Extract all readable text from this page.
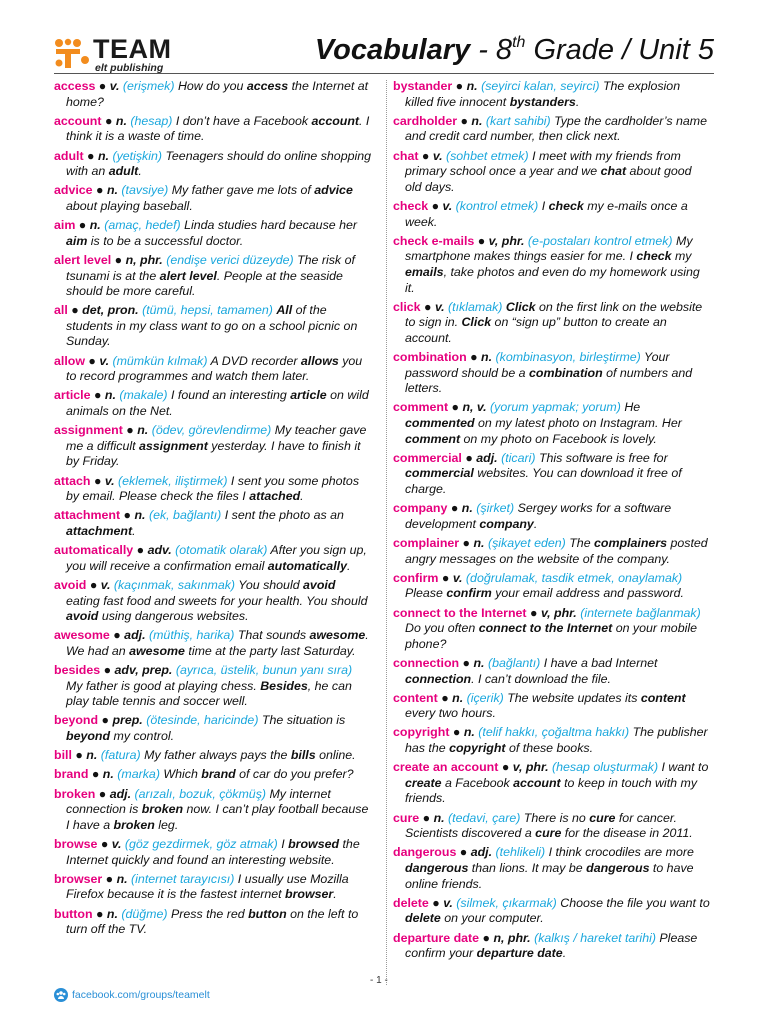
TEAM
elt publishing
Vocabulary - 8th Grade / Unit 5
access ● v. (erişmek) How do you access the Internet at home?
account ● n. (hesap) I don’t have a Facebook account. I think it is a waste of time.
adult ● n. (yetişkin) Teenagers should do online shopping with an adult.
advice ● n. (tavsiye) My father gave me lots of advice about playing baseball.
aim ● n. (amaç, hedef) Linda studies hard because her aim is to be a successful doctor.
alert level ● n, phr. (endişe verici düzeyde) The risk of tsunami is at the alert level. People at the seaside should be more careful.
all ● det, pron. (tümü, hepsi, tamamen) All of the students in my class want to go on a school picnic on Sunday.
allow ● v. (mümkün kılmak) A DVD recorder allows you to record programmes and watch them later.
article ● n. (makale) I found an interesting article on wild animals on the Net.
assignment ● n. (ödev, görevlendirme) My teacher gave me a difficult assignment yesterday. I have to finish it by Friday.
attach ● v. (eklemek, iliştirmek) I sent you some photos by email. Please check the files I attached.
attachment ● n. (ek, bağlantı) I sent the photo as an attachment.
automatically ● adv. (otomatik olarak) After you sign up, you will receive a confirmation email automatically.
avoid ● v. (kaçınmak, sakınmak) You should avoid eating fast food and sweets for your health. You should avoid using dangerous websites.
awesome ● adj. (müthiş, harika) That sounds awesome. We had an awesome time at the party last Saturday.
besides ● adv, prep. (ayrıca, üstelik, bunun yanı sıra) My father is good at playing chess. Besides, he can play table tennis and soccer well.
beyond ● prep. (ötesinde, haricinde) The situation is beyond my control.
bill ● n. (fatura) My father always pays the bills online.
brand ● n. (marka) Which brand of car do you prefer?
broken ● adj. (arızalı, bozuk, çökmüş) My internet connection is broken now. I can’t play football because I have a broken leg.
browse ● v. (göz gezdirmek, göz atmak) I browsed the Internet quickly and found an interesting website.
browser ● n. (internet tarayıcısı) I usually use Mozilla Firefox because it is the fastest internet browser.
button ● n. (düğme) Press the red button on the left to turn off the TV.
bystander ● n. (seyirci kalan, seyirci) The explosion killed five innocent bystanders.
cardholder ● n. (kart sahibi) Type the cardholder’s name and credit card number, then click next.
chat ● v. (sohbet etmek) I meet with my friends from primary school once a year and we chat about good old days.
check ● v. (kontrol etmek) I check my e-mails once a week.
check e-mails ● v, phr. (e-postaları kontrol etmek) My smartphone makes things easier for me. I check my emails, take photos and even do my homework using it.
click ● v. (tıklamak) Click on the first link on the website to sign in. Click on “sign up” button to create an account.
combination ● n. (kombinasyon, birleştirme) Your password should be a combination of numbers and letters.
comment ● n, v. (yorum yapmak; yorum) He commented on my latest photo on Instagram. Her comment on my photo on Facebook is lovely.
commercial ● adj. (ticari) This software is free for commercial websites. You can download it free of charge.
company ● n. (şirket) Sergey works for a software development company.
complainer ● n. (şikayet eden) The complainers posted angry messages on the website of the company.
confirm ● v. (doğrulamak, tasdik etmek, onaylamak) Please confirm your email address and password.
connect to the Internet ● v, phr. (internete bağlanmak) Do you often connect to the Internet on your mobile phone?
connection ● n. (bağlantı) I have a bad Internet connection. I can’t download the file.
content ● n. (içerik) The website updates its content every two hours.
copyright ● n. (telif hakkı, çoğaltma hakkı) The publisher has the copyright of these books.
create an account ● v, phr. (hesap oluşturmak) I want to create a Facebook account to keep in touch with my friends.
cure ● n. (tedavi, çare) There is no cure for cancer. Scientists discovered a cure for the disease in 2011.
dangerous ● adj. (tehlikeli) I think crocodiles are more dangerous than lions. It may be dangerous to have online friends.
delete ● v. (silmek, çıkarmak) Choose the file you want to delete on your computer.
departure date ● n, phr. (kalkış / hareket tarihi) Please confirm your departure date.
- 1 -
facebook.com/groups/teamelt
